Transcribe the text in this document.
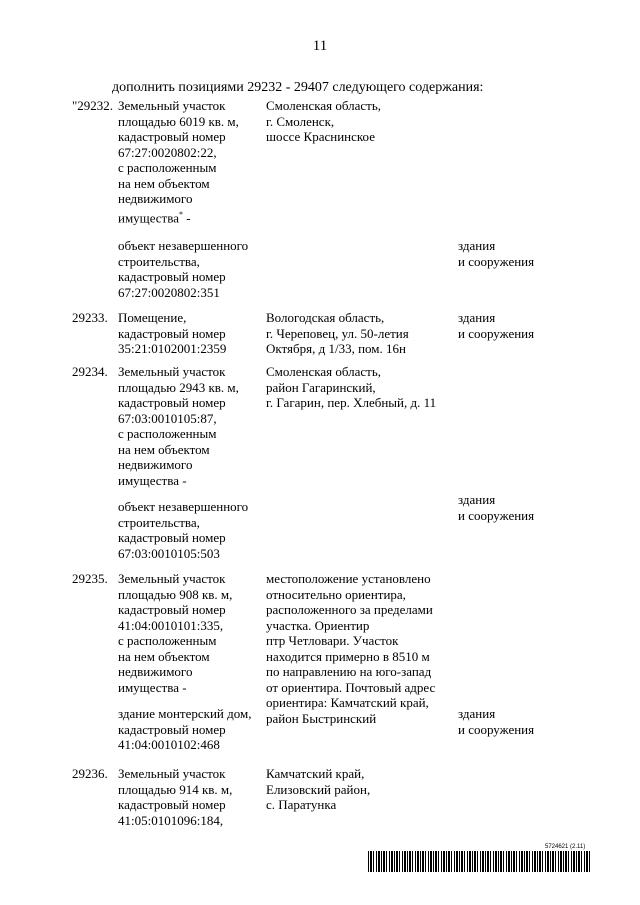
11
дополнить позициями 29232 - 29407 следующего содержания:
"29232. Земельный участок
площадью 6019 кв. м,
кадастровый номер
67:27:0020802:22,
с расположенным
на нем объектом
недвижимого
имущества* -
Смоленская область,
г. Смоленск,
шоссе Краснинское
объект незавершенного
строительства,
кадастровый номер
67:27:0020802:351
здания
и сооружения
29233. Помещение,
кадастровый номер
35:21:0102001:2359
Вологодская область,
г. Череповец, ул. 50-летия
Октября, д 1/33, пом. 16н
здания
и сооружения
29234. Земельный участок
площадью 2943 кв. м,
кадастровый номер
67:03:0010105:87,
с расположенным
на нем объектом
недвижимого
имущества -
Смоленская область,
район Гагаринский,
г. Гагарин, пер. Хлебный, д. 11
объект незавершенного
строительства,
кадастровый номер
67:03:0010105:503
здания
и сооружения
29235. Земельный участок
площадью 908 кв. м,
кадастровый номер
41:04:0010101:335,
с расположенным
на нем объектом
недвижимого
имущества -
местоположение установлено
относительно ориентира,
расположенного за пределами
участка. Ориентир
птр Четловари. Участок
находится примерно в 8510 м
по направлению на юго-запад
от ориентира. Почтовый адрес
ориентира: Камчатский край,
район Быстринский
здание монтерский дом,
кадастровый номер
41:04:0010102:468
здания
и сооружения
29236. Земельный участок
площадью 914 кв. м,
кадастровый номер
41:05:0101096:184,
Камчатский край,
Елизовский район,
с. Паратунка
5724621 (2.11)
